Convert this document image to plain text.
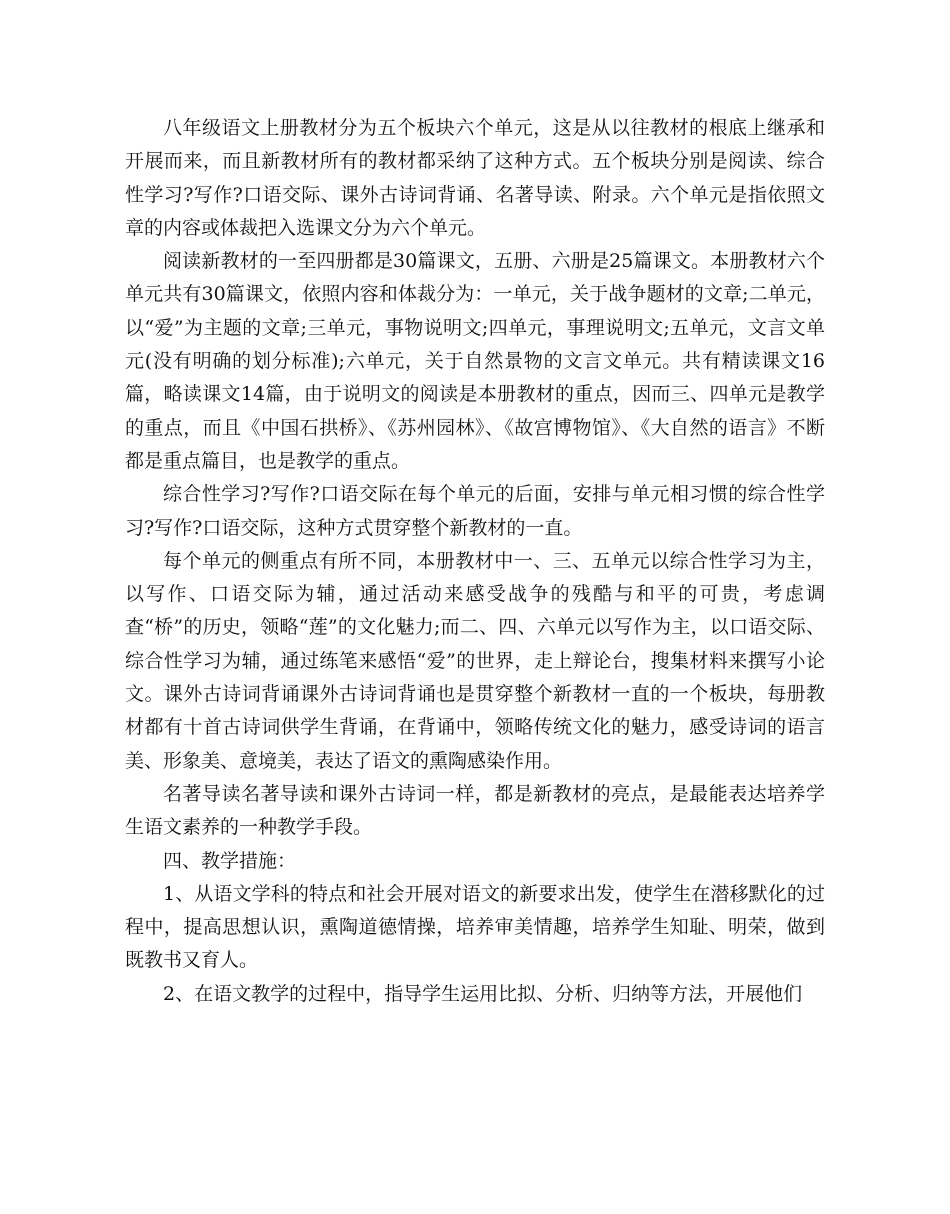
八年级语文上册教材分为五个板块六个单元，这是从以往教材的根底上继承和开展而来，而且新教材所有的教材都采纳了这种方式。五个板块分别是阅读、综合性学习?写作?口语交际、课外古诗词背诵、名著导读、附录。六个单元是指依照文章的内容或体裁把入选课文分为六个单元。

阅读新教材的一至四册都是30篇课文，五册、六册是25篇课文。本册教材六个单元共有30篇课文，依照内容和体裁分为：一单元，关于战争题材的文章;二单元，以“爱”为主题的文章;三单元，事物说明文;四单元，事理说明文;五单元，文言文单元(没有明确的划分标准);六单元，关于自然景物的文言文单元。共有精读课文16篇，略读课文14篇，由于说明文的阅读是本册教材的重点，因而三、四单元是教学的重点，而且《中国石拱桥》、《苏州园林》、《故宫博物馆》、《大自然的语言》不断都是重点篇目，也是教学的重点。

综合性学习?写作?口语交际在每个单元的后面，安排与单元相习惯的综合性学习?写作?口语交际，这种方式贯穿整个新教材的一直。

每个单元的侧重点有所不同，本册教材中一、三、五单元以综合性学习为主，以写作、口语交际为辅，通过活动来感受战争的残酷与和平的可贵，考虑调查“桥”的历史，领略“莲”的文化魅力;而二、四、六单元以写作为主，以口语交际、综合性学习为辅，通过练笔来感悟“爱”的世界，走上辩论台，搜集材料来撰写小论文。课外古诗词背诵课外古诗词背诵也是贯穿整个新教材一直的一个板块，每册教材都有十首古诗词供学生背诵，在背诵中，领略传统文化的魅力，感受诗词的语言美、形象美、意境美，表达了语文的熏陶感染作用。

名著导读名著导读和课外古诗词一样，都是新教材的亮点，是最能表达培养学生语文素养的一种教学手段。

四、教学措施：

1、从语文学科的特点和社会开展对语文的新要求出发，使学生在潜移默化的过程中，提高思想认识，熏陶道德情操，培养审美情趣，培养学生知耻、明荣，做到既教书又育人。

2、在语文教学的过程中，指导学生运用比拟、分析、归纳等方法，开展他们
